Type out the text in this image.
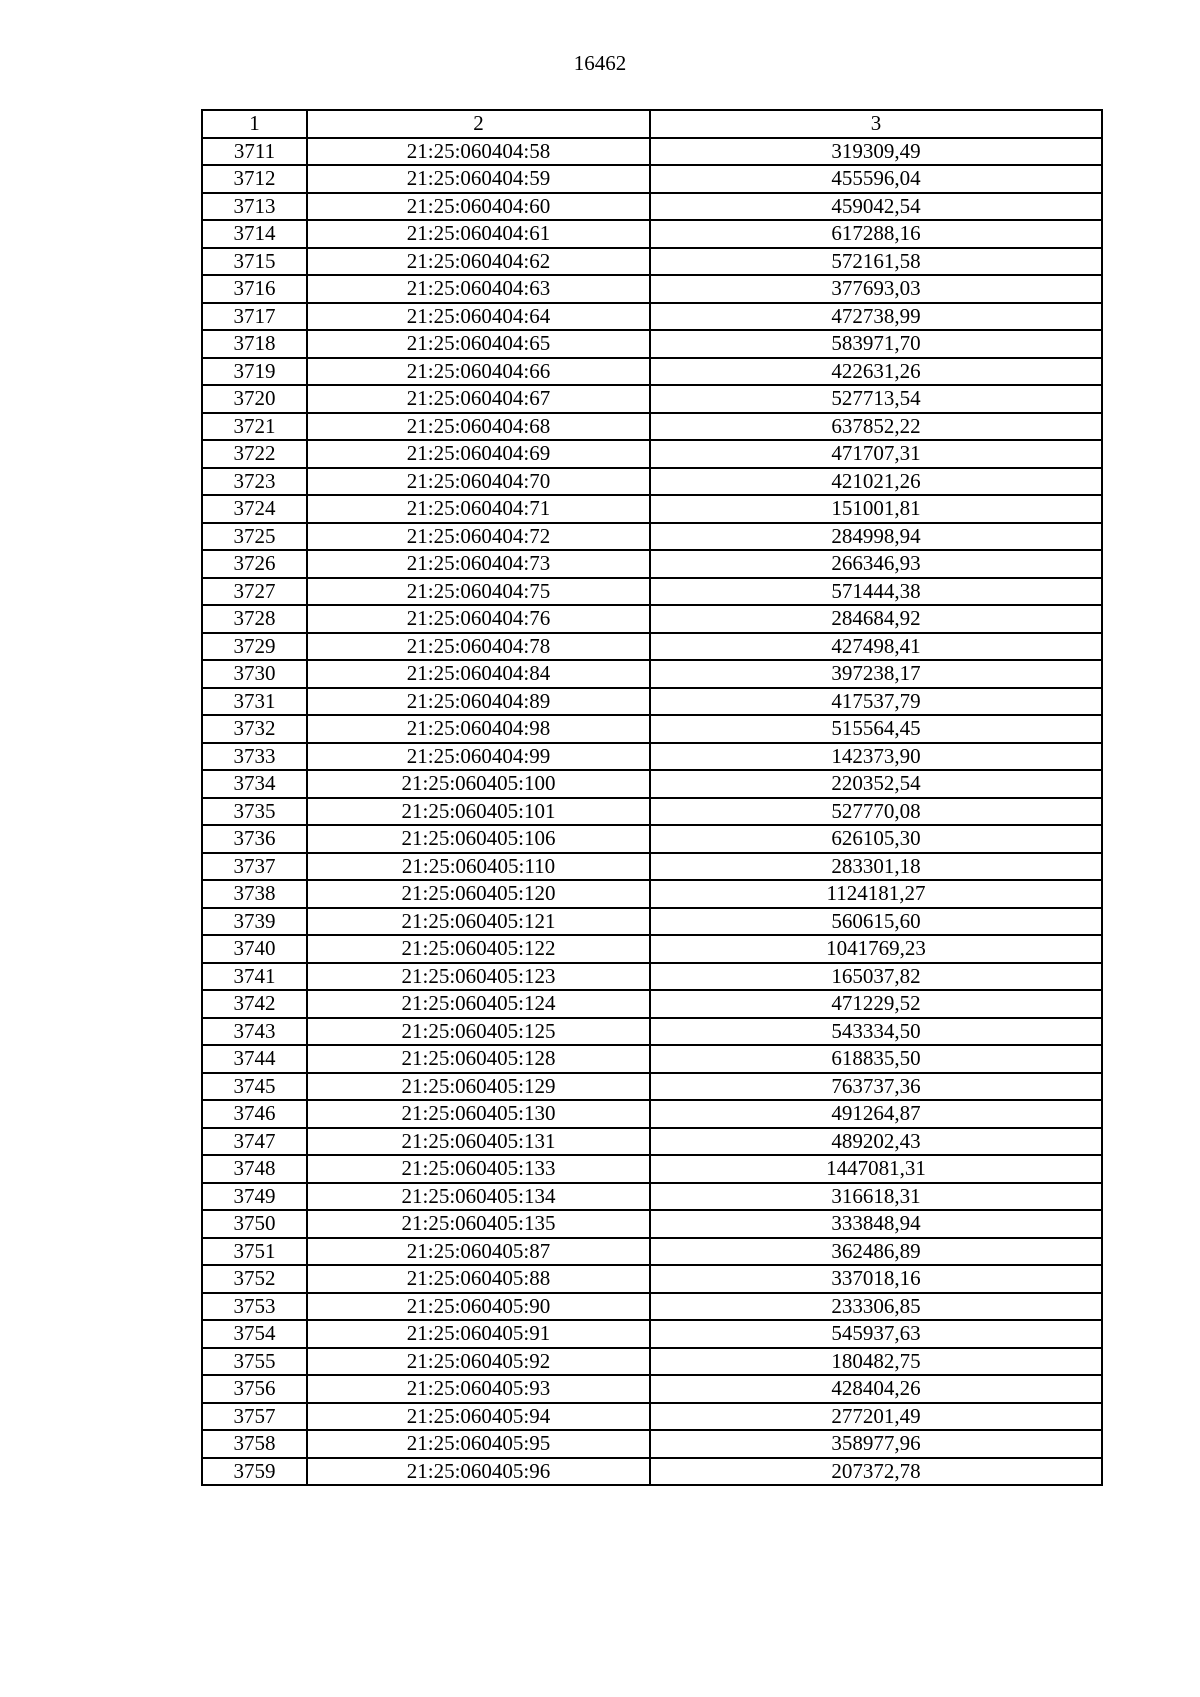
16462
1	2	3
3711	21:25:060404:58	319309,49
3712	21:25:060404:59	455596,04
3713	21:25:060404:60	459042,54
3714	21:25:060404:61	617288,16
3715	21:25:060404:62	572161,58
3716	21:25:060404:63	377693,03
3717	21:25:060404:64	472738,99
3718	21:25:060404:65	583971,70
3719	21:25:060404:66	422631,26
3720	21:25:060404:67	527713,54
3721	21:25:060404:68	637852,22
3722	21:25:060404:69	471707,31
3723	21:25:060404:70	421021,26
3724	21:25:060404:71	151001,81
3725	21:25:060404:72	284998,94
3726	21:25:060404:73	266346,93
3727	21:25:060404:75	571444,38
3728	21:25:060404:76	284684,92
3729	21:25:060404:78	427498,41
3730	21:25:060404:84	397238,17
3731	21:25:060404:89	417537,79
3732	21:25:060404:98	515564,45
3733	21:25:060404:99	142373,90
3734	21:25:060405:100	220352,54
3735	21:25:060405:101	527770,08
3736	21:25:060405:106	626105,30
3737	21:25:060405:110	283301,18
3738	21:25:060405:120	1124181,27
3739	21:25:060405:121	560615,60
3740	21:25:060405:122	1041769,23
3741	21:25:060405:123	165037,82
3742	21:25:060405:124	471229,52
3743	21:25:060405:125	543334,50
3744	21:25:060405:128	618835,50
3745	21:25:060405:129	763737,36
3746	21:25:060405:130	491264,87
3747	21:25:060405:131	489202,43
3748	21:25:060405:133	1447081,31
3749	21:25:060405:134	316618,31
3750	21:25:060405:135	333848,94
3751	21:25:060405:87	362486,89
3752	21:25:060405:88	337018,16
3753	21:25:060405:90	233306,85
3754	21:25:060405:91	545937,63
3755	21:25:060405:92	180482,75
3756	21:25:060405:93	428404,26
3757	21:25:060405:94	277201,49
3758	21:25:060405:95	358977,96
3759	21:25:060405:96	207372,78
